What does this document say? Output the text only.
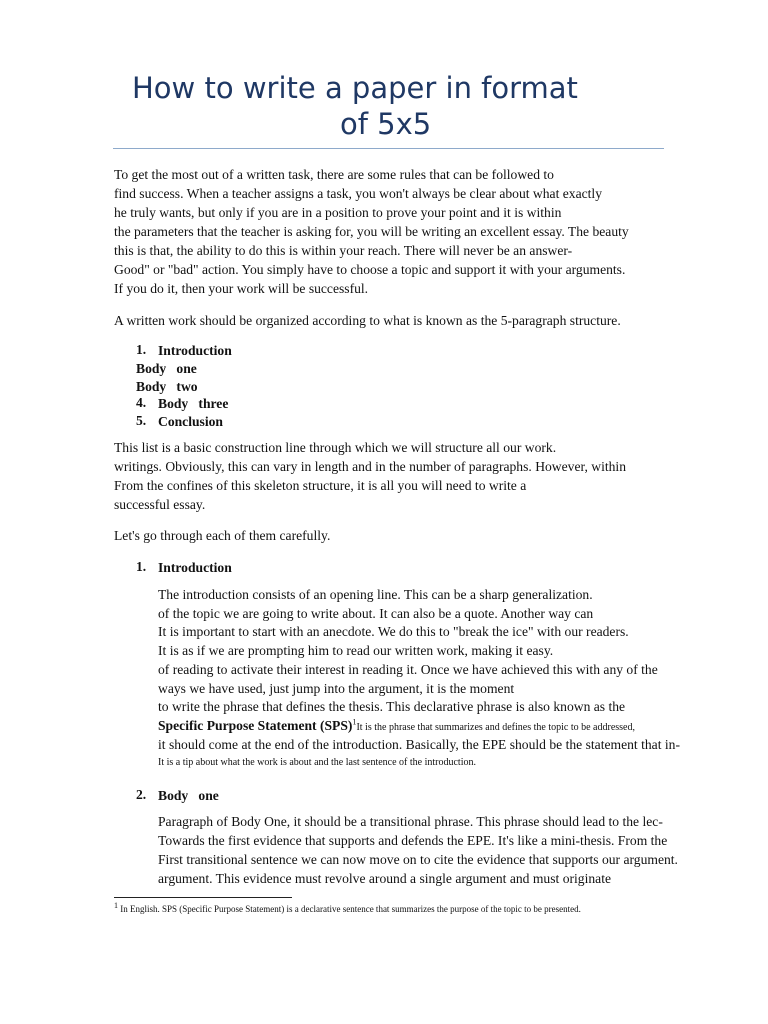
How to write a paper in format
of 5x5
To get the most out of a written task, there are some rules that can be followed to
find success. When a teacher assigns a task, you won't always be clear about what exactly
he truly wants, but only if you are in a position to prove your point and it is within
the parameters that the teacher is asking for, you will be writing an excellent essay. The beauty
this is that, the ability to do this is within your reach. There will never be an answer-
Good" or "bad" action. You simply have to choose a topic and support it with your arguments.
If you do it, then your work will be successful.
A written work should be organized according to what is known as the 5-paragraph structure.
1. Introduction
Body   one
Body   two
4. Body   three
5. Conclusion
This list is a basic construction line through which we will structure all our work.
writings. Obviously, this can vary in length and in the number of paragraphs. However, within
From the confines of this skeleton structure, it is all you will need to write a
successful essay.
Let's go through each of them carefully.
1. Introduction
The introduction consists of an opening line. This can be a sharp generalization.
of the topic we are going to write about. It can also be a quote. Another way can
It is important to start with an anecdote. We do this to "break the ice" with our readers.
It is as if we are prompting him to read our written work, making it easy.
of reading to activate their interest in reading it. Once we have achieved this with any of the
ways we have used, just jump into the argument, it is the moment
to write the phrase that defines the thesis. This declarative phrase is also known as the
Specific Purpose Statement (SPS)$^1$It is the phrase that summarizes and defines the topic to be addressed,
it should come at the end of the introduction. Basically, the EPE should be the statement that in-
It is a tip about what the work is about and the last sentence of the introduction.
2. Body   one
Paragraph of Body One, it should be a transitional phrase. This phrase should lead to the lec-
Towards the first evidence that supports and defends the EPE. It's like a mini-thesis. From the
First transitional sentence we can now move on to cite the evidence that supports our argument.
argument. This evidence must revolve around a single argument and must originate
$^1$ In English. SPS (Specific Purpose Statement) is a declarative sentence that summarizes the purpose of the topic to be presented.
